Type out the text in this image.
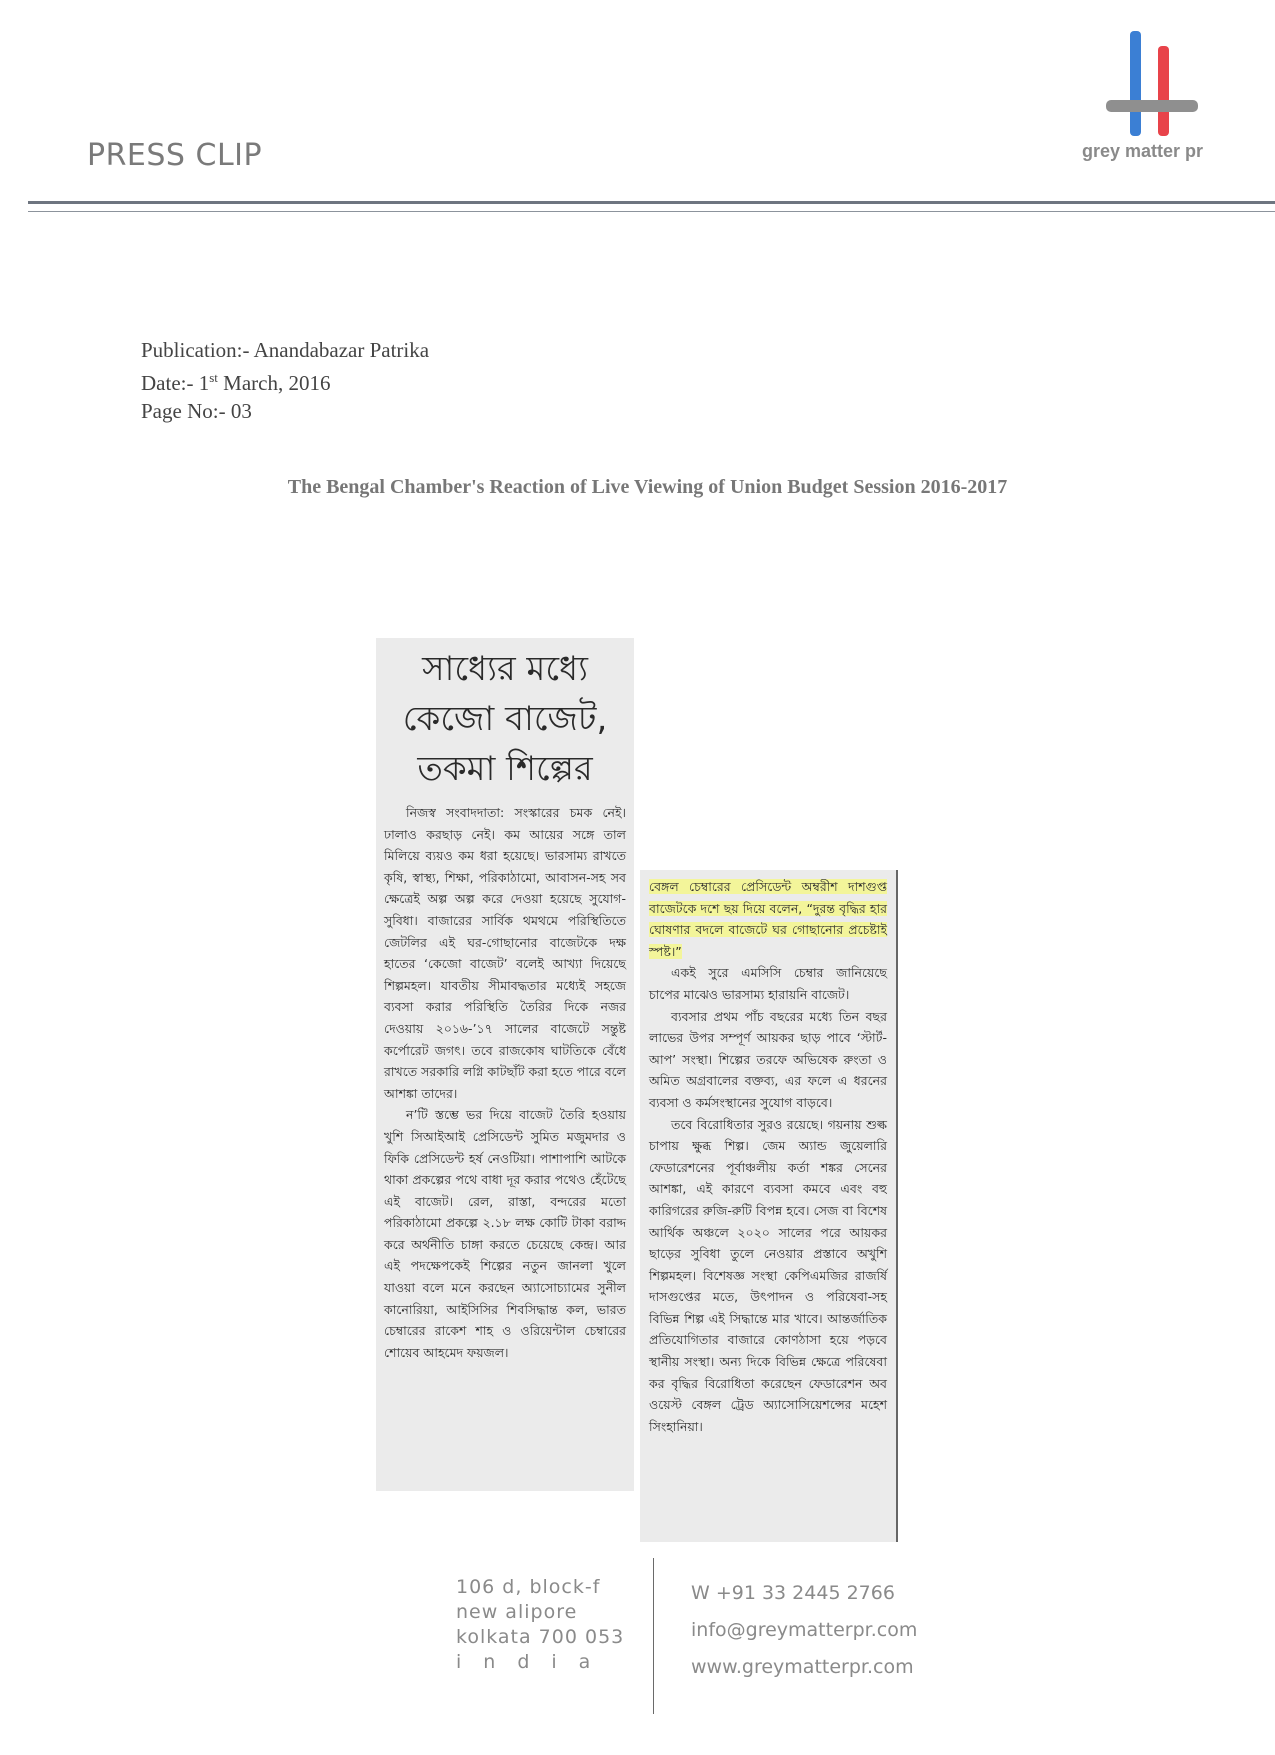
PRESS CLIP	grey matter pr
Publication:- Anandabazar Patrika
Date:- 1st March, 2016
Page No:- 03
The Bengal Chamber's Reaction of Live Viewing of Union Budget Session 2016-2017
সাধ্যের মধ্যে
কেজো বাজেট,
তকমা শিল্পের

নিজস্ব সংবাদদাতা: সংস্কারের চমক নেই। ঢালাও করছাড় নেই। কম আয়ের সঙ্গে তাল মিলিয়ে ব্যয়ও কম ধরা হয়েছে। ভারসাম্য রাখতে কৃষি, স্বাস্থ্য, শিক্ষা, পরিকাঠামো, আবাসন-সহ সব ক্ষেত্রেই অল্প অল্প করে দেওয়া হয়েছে সুযোগ-সুবিধা। বাজারের সার্বিক থমথমে পরিস্থিতিতে জেটলির এই ঘর-গোছানোর বাজেটকে দক্ষ হাতের ‘কেজো বাজেট’ বলেই আখ্যা দিয়েছে শিল্পমহল। যাবতীয় সীমাবদ্ধতার মধ্যেই সহজে ব্যবসা করার পরিস্থিতি তৈরির দিকে নজর দেওয়ায় ২০১৬-’১৭ সালের বাজেটে সন্তুষ্ট কর্পোরেট জগৎ। তবে রাজকোষ ঘাটতিকে বেঁধে রাখতে সরকারি লগ্নি কাটছাঁট করা হতে পারে বলে আশঙ্কা তাদের।

ন’টি স্তম্ভে ভর দিয়ে বাজেট তৈরি হওয়ায় খুশি সিআইআই প্রেসিডেন্ট সুমিত মজুমদার ও ফিকি প্রেসিডেন্ট হর্ষ নেওটিয়া। পাশাপাশি আটকে থাকা প্রকল্পের পথে বাধা দূর করার পথেও হেঁটেছে এই বাজেট। রেল, রাস্তা, বন্দরের মতো পরিকাঠামো প্রকল্পে ২.১৮ লক্ষ কোটি টাকা বরাদ্দ করে অর্থনীতি চাঙ্গা করতে চেয়েছে কেন্দ্র। আর এই পদক্ষেপকেই শিল্পের নতুন জানলা খুলে যাওয়া বলে মনে করছেন অ্যাসোচ্যামের সুনীল কানোরিয়া, আইসিসির শিবসিদ্ধান্ত কল, ভারত চেম্বারের রাকেশ শাহ ও ওরিয়েন্টাল চেম্বারের শোয়েব আহমেদ ফয়জল।

বেঙ্গল চেম্বারের প্রেসিডেন্ট অম্বরীশ দাশগুপ্ত বাজেটকে দশে ছয় দিয়ে বলেন, “দুরন্ত বৃদ্ধির হার ঘোষণার বদলে বাজেটে ঘর গোছানোর প্রচেষ্টাই স্পষ্ট।”

একই সুরে এমসিসি চেম্বার জানিয়েছে চাপের মাঝেও ভারসাম্য হারায়নি বাজেট।

ব্যবসার প্রথম পাঁচ বছরের মধ্যে তিন বছর লাভের উপর সম্পূর্ণ আয়কর ছাড় পাবে ‘স্টার্ট-আপ’ সংস্থা। শিল্পের তরফে অভিষেক রুংতা ও অমিত অগ্রবালের বক্তব্য, এর ফলে এ ধরনের ব্যবসা ও কর্মসংস্থানের সুযোগ বাড়বে।

তবে বিরোধিতার সুরও রয়েছে। গয়নায় শুল্ক চাপায় ক্ষুব্ধ শিল্প। জেম অ্যান্ড জুয়েলারি ফেডারেশনের পূর্বাঞ্চলীয় কর্তা শঙ্কর সেনের আশঙ্কা, এই কারণে ব্যবসা কমবে এবং বহু কারিগরের রুজি-রুটি বিপন্ন হবে। সেজ বা বিশেষ আর্থিক অঞ্চলে ২০২০ সালের পরে আয়কর ছাড়ের সুবিধা তুলে নেওয়ার প্রস্তাবে অখুশি শিল্পমহল। বিশেষজ্ঞ সংস্থা কেপিএমজির রাজর্ষি দাসগুপ্তের মতে, উৎপাদন ও পরিষেবা-সহ বিভিন্ন শিল্প এই সিদ্ধান্তে মার খাবে। আন্তর্জাতিক প্রতিযোগিতার বাজারে কোণঠাসা হয়ে পড়বে স্থানীয় সংস্থা। অন্য দিকে বিভিন্ন ক্ষেত্রে পরিষেবা কর বৃদ্ধির বিরোধিতা করেছেন ফেডারেশন অব ওয়েস্ট বেঙ্গল ট্রেড অ্যাসোসিয়েশন্সের মহেশ সিংহানিয়া।

106 d, block-f
new alipore
kolkata 700 053
india
W +91 33 2445 2766
info@greymatterpr.com
www.greymatterpr.com
